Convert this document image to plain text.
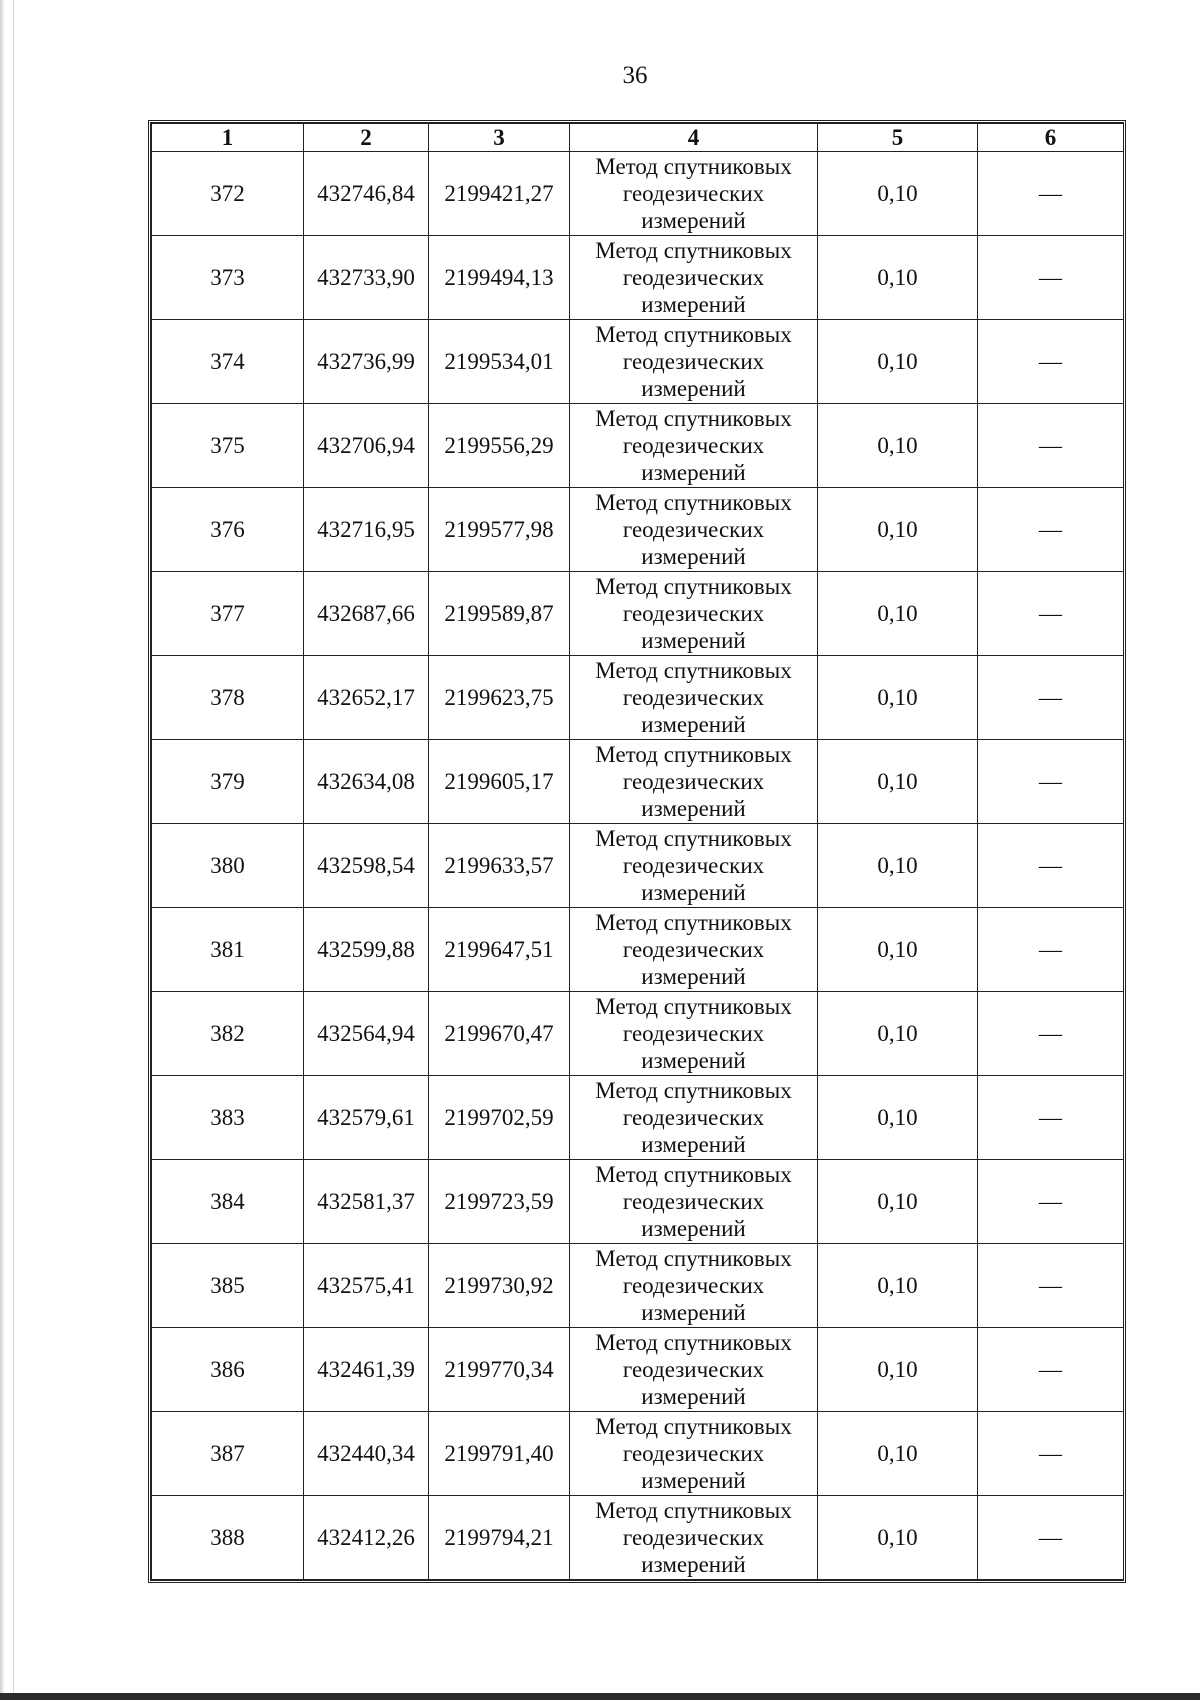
36
1	2	3	4	5	6
372	432746,84	2199421,27	Метод спутниковых
геодезических
измерений	0,10	—
373	432733,90	2199494,13	Метод спутниковых
геодезических
измерений	0,10	—
374	432736,99	2199534,01	Метод спутниковых
геодезических
измерений	0,10	—
375	432706,94	2199556,29	Метод спутниковых
геодезических
измерений	0,10	—
376	432716,95	2199577,98	Метод спутниковых
геодезических
измерений	0,10	—
377	432687,66	2199589,87	Метод спутниковых
геодезических
измерений	0,10	—
378	432652,17	2199623,75	Метод спутниковых
геодезических
измерений	0,10	—
379	432634,08	2199605,17	Метод спутниковых
геодезических
измерений	0,10	—
380	432598,54	2199633,57	Метод спутниковых
геодезических
измерений	0,10	—
381	432599,88	2199647,51	Метод спутниковых
геодезических
измерений	0,10	—
382	432564,94	2199670,47	Метод спутниковых
геодезических
измерений	0,10	—
383	432579,61	2199702,59	Метод спутниковых
геодезических
измерений	0,10	—
384	432581,37	2199723,59	Метод спутниковых
геодезических
измерений	0,10	—
385	432575,41	2199730,92	Метод спутниковых
геодезических
измерений	0,10	—
386	432461,39	2199770,34	Метод спутниковых
геодезических
измерений	0,10	—
387	432440,34	2199791,40	Метод спутниковых
геодезических
измерений	0,10	—
388	432412,26	2199794,21	Метод спутниковых
геодезических
измерений	0,10	—
